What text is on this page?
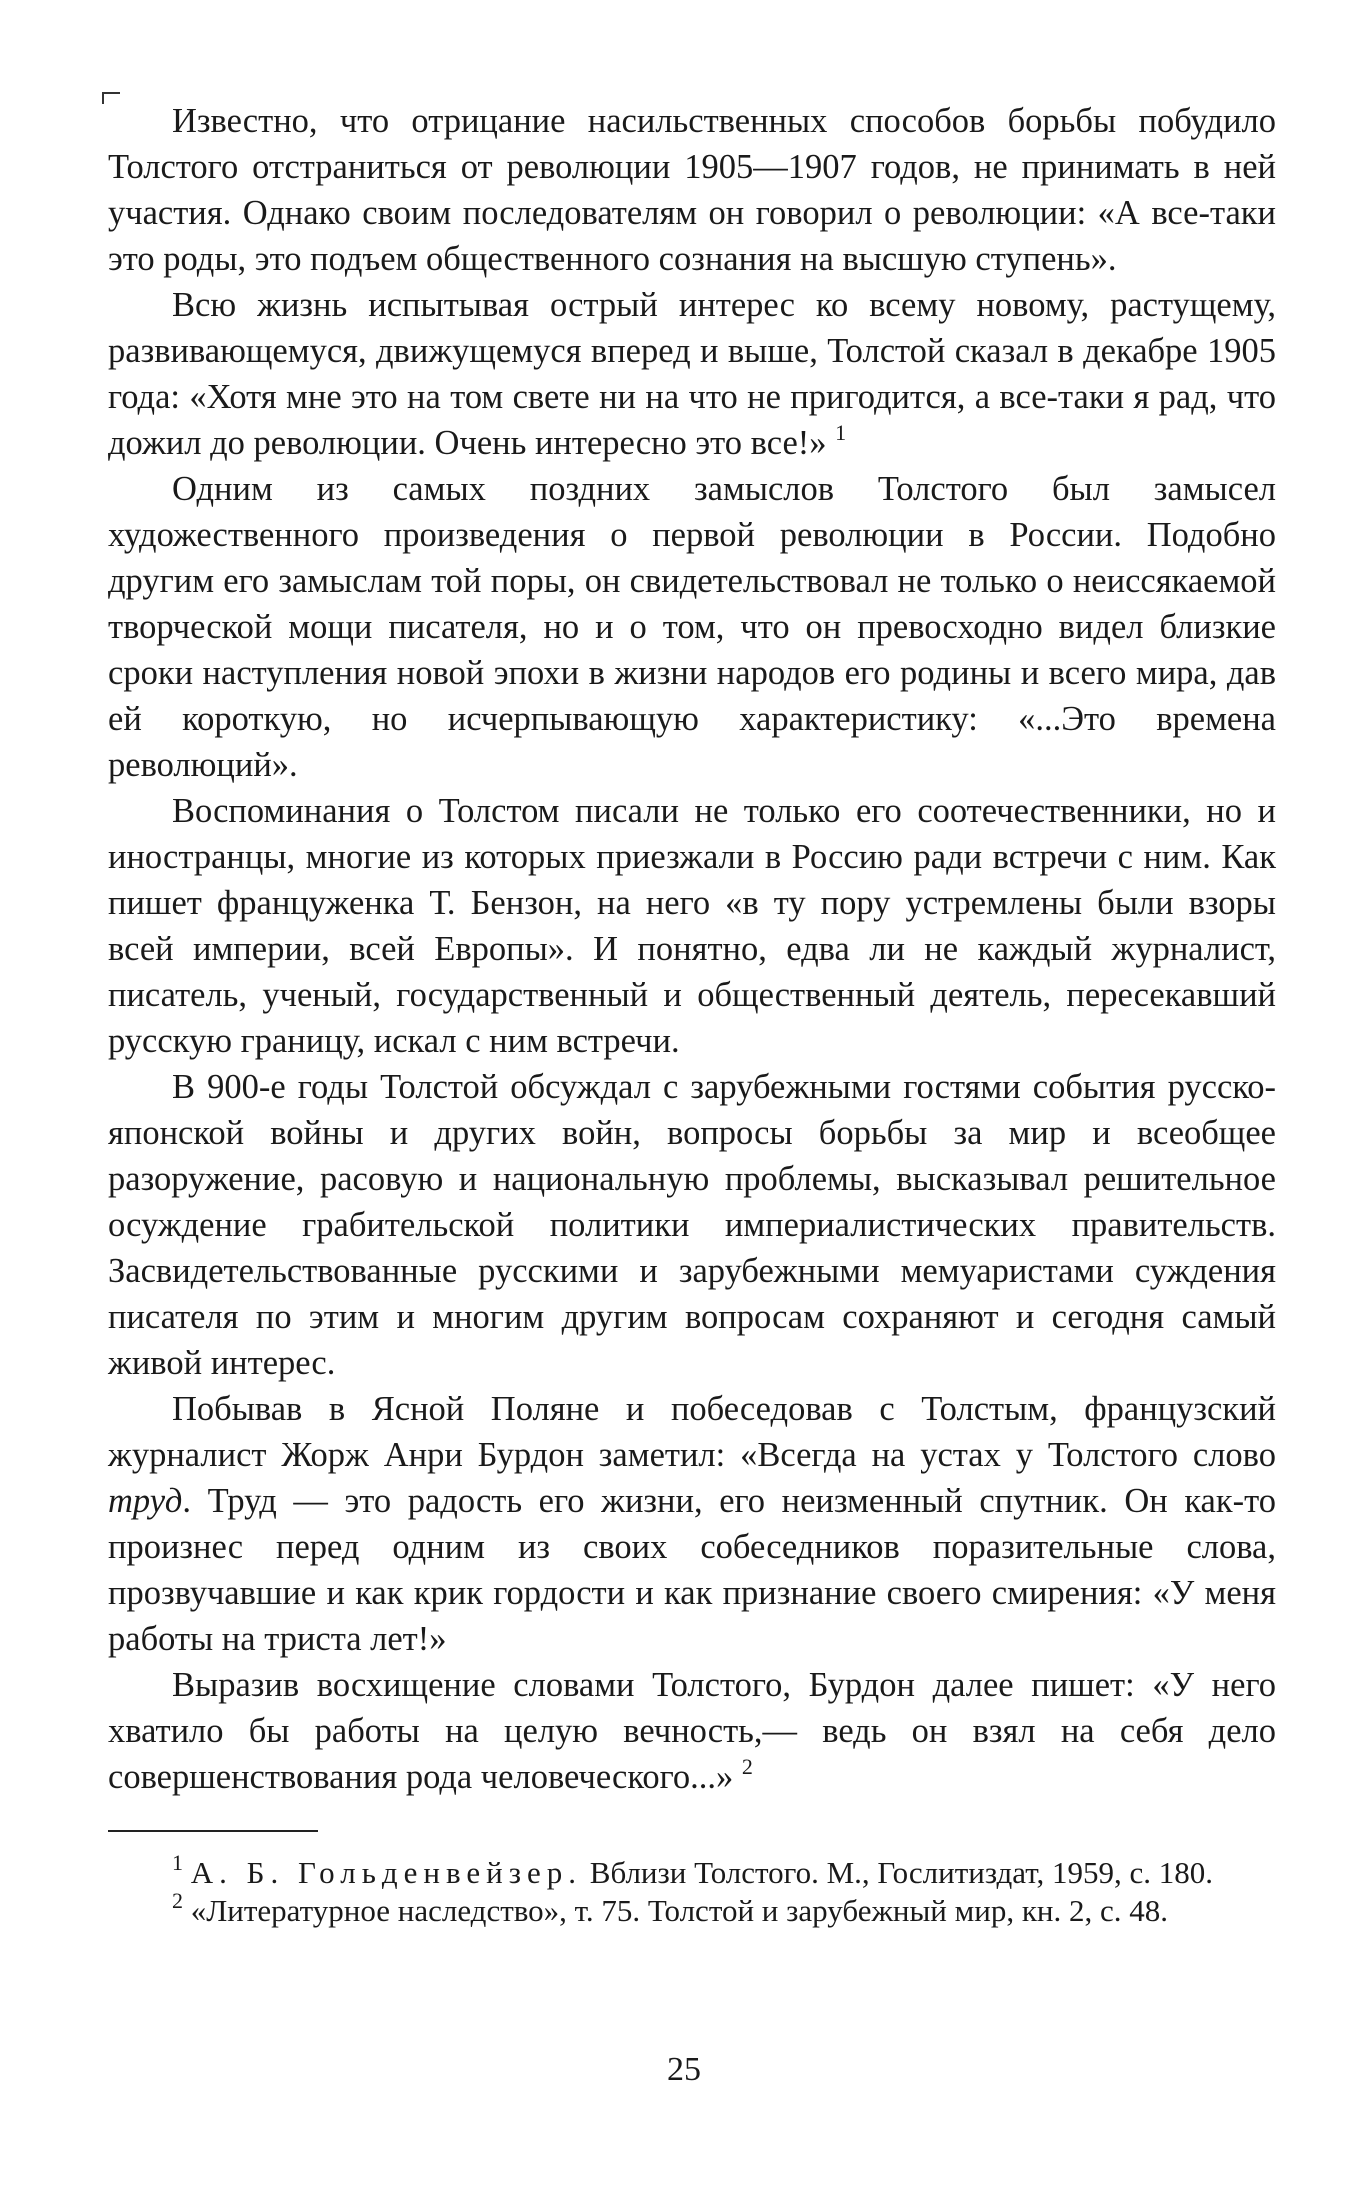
Известно, что отрицание насильственных способов борьбы побудило Толстого отстраниться от революции 1905—1907 годов, не принимать в ней участия. Однако своим последователям он говорил о революции: «А все-таки это роды, это подъем общественного сознания на высшую ступень».

Всю жизнь испытывая острый интерес ко всему новому, растущему, развивающемуся, движущемуся вперед и выше, Толстой сказал в декабре 1905 года: «Хотя мне это на том свете ни на что не пригодится, а все-таки я рад, что дожил до революции. Очень интересно это все!» $^1$

Одним из самых поздних замыслов Толстого был замысел художественного произведения о первой революции в России. Подобно другим его замыслам той поры, он свидетельствовал не только о неиссякаемой творческой мощи писателя, но и о том, что он превосходно видел близкие сроки наступления новой эпохи в жизни народов его родины и всего мира, дав ей короткую, но исчерпывающую характеристику: «...Это времена революций».

Воспоминания о Толстом писали не только его соотечественники, но и иностранцы, многие из которых приезжали в Россию ради встречи с ним. Как пишет француженка Т. Бензон, на него «в ту пору устремлены были взоры всей империи, всей Европы». И понятно, едва ли не каждый журналист, писатель, ученый, государственный и общественный деятель, пересекавший русскую границу, искал с ним встречи.

В 900-е годы Толстой обсуждал с зарубежными гостями события русско-японской войны и других войн, вопросы борьбы за мир и всеобщее разоружение, расовую и национальную проблемы, высказывал решительное осуждение грабительской политики империалистических правительств. Засвидетельствованные русскими и зарубежными мемуаристами суждения писателя по этим и многим другим вопросам сохраняют и сегодня самый живой интерес.

Побывав в Ясной Поляне и побеседовав с Толстым, французский журналист Жорж Анри Бурдон заметил: «Всегда на устах у Толстого слово труд. Труд — это радость его жизни, его неизменный спутник. Он как-то произнес перед одним из своих собеседников поразительные слова, прозвучавшие и как крик гордости и как признание своего смирения: «У меня работы на триста лет!»

Выразив восхищение словами Толстого, Бурдон далее пишет: «У него хватило бы работы на целую вечность,— ведь он взял на себя дело совершенствования рода человеческого...» $^2$

$^1$ А. Б. Гольденвейзер. Вблизи Толстого. М., Гослитиздат, 1959, с. 180.

$^2$ «Литературное наследство», т. 75. Толстой и зарубежный мир, кн. 2, с. 48.

25
